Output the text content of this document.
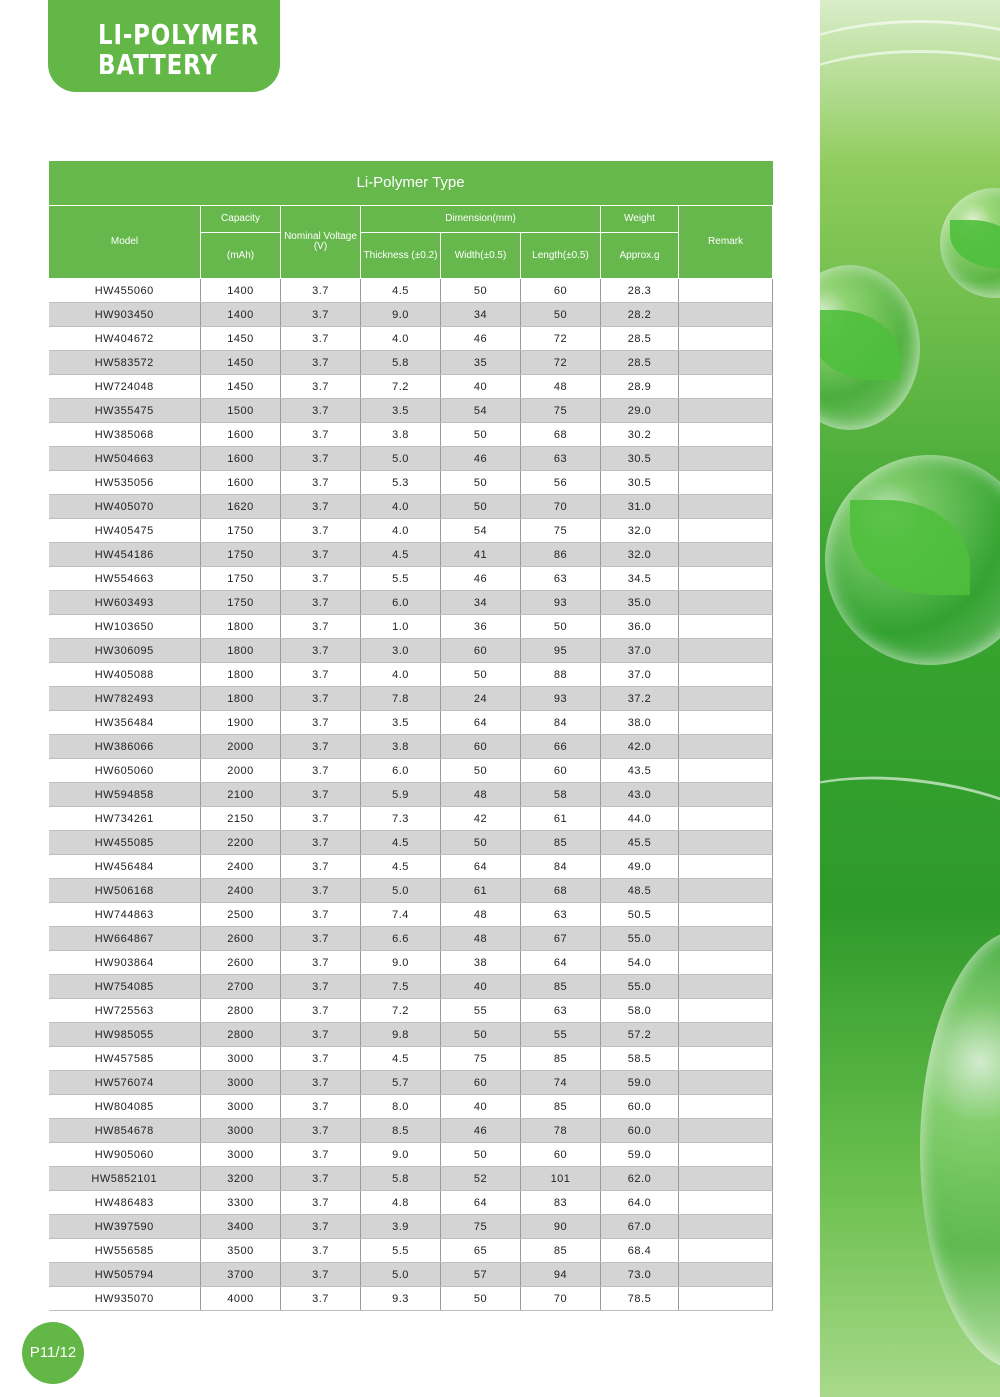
LI-POLYMER
BATTERY
Li-Polymer Type							
Model	Capacity	Nominal Voltage (V)	Dimension(mm)			Weight	Remark
	(mAh)		Thickness (±0.2)	Width(±0.5)	Length(±0.5)	Approx.g	
HW455060	1400	3.7	4.5	50	60	28.3	
HW903450	1400	3.7	9.0	34	50	28.2	
HW404672	1450	3.7	4.0	46	72	28.5	
HW583572	1450	3.7	5.8	35	72	28.5	
HW724048	1450	3.7	7.2	40	48	28.9	
HW355475	1500	3.7	3.5	54	75	29.0	
HW385068	1600	3.7	3.8	50	68	30.2	
HW504663	1600	3.7	5.0	46	63	30.5	
HW535056	1600	3.7	5.3	50	56	30.5	
HW405070	1620	3.7	4.0	50	70	31.0	
HW405475	1750	3.7	4.0	54	75	32.0	
HW454186	1750	3.7	4.5	41	86	32.0	
HW554663	1750	3.7	5.5	46	63	34.5	
HW603493	1750	3.7	6.0	34	93	35.0	
HW103650	1800	3.7	1.0	36	50	36.0	
HW306095	1800	3.7	3.0	60	95	37.0	
HW405088	1800	3.7	4.0	50	88	37.0	
HW782493	1800	3.7	7.8	24	93	37.2	
HW356484	1900	3.7	3.5	64	84	38.0	
HW386066	2000	3.7	3.8	60	66	42.0	
HW605060	2000	3.7	6.0	50	60	43.5	
HW594858	2100	3.7	5.9	48	58	43.0	
HW734261	2150	3.7	7.3	42	61	44.0	
HW455085	2200	3.7	4.5	50	85	45.5	
HW456484	2400	3.7	4.5	64	84	49.0	
HW506168	2400	3.7	5.0	61	68	48.5	
HW744863	2500	3.7	7.4	48	63	50.5	
HW664867	2600	3.7	6.6	48	67	55.0	
HW903864	2600	3.7	9.0	38	64	54.0	
HW754085	2700	3.7	7.5	40	85	55.0	
HW725563	2800	3.7	7.2	55	63	58.0	
HW985055	2800	3.7	9.8	50	55	57.2	
HW457585	3000	3.7	4.5	75	85	58.5	
HW576074	3000	3.7	5.7	60	74	59.0	
HW804085	3000	3.7	8.0	40	85	60.0	
HW854678	3000	3.7	8.5	46	78	60.0	
HW905060	3000	3.7	9.0	50	60	59.0	
HW5852101	3200	3.7	5.8	52	101	62.0	
HW486483	3300	3.7	4.8	64	83	64.0	
HW397590	3400	3.7	3.9	75	90	67.0	
HW556585	3500	3.7	5.5	65	85	68.4	
HW505794	3700	3.7	5.0	57	94	73.0	
HW935070	4000	3.7	9.3	50	70	78.5	
P11/12
